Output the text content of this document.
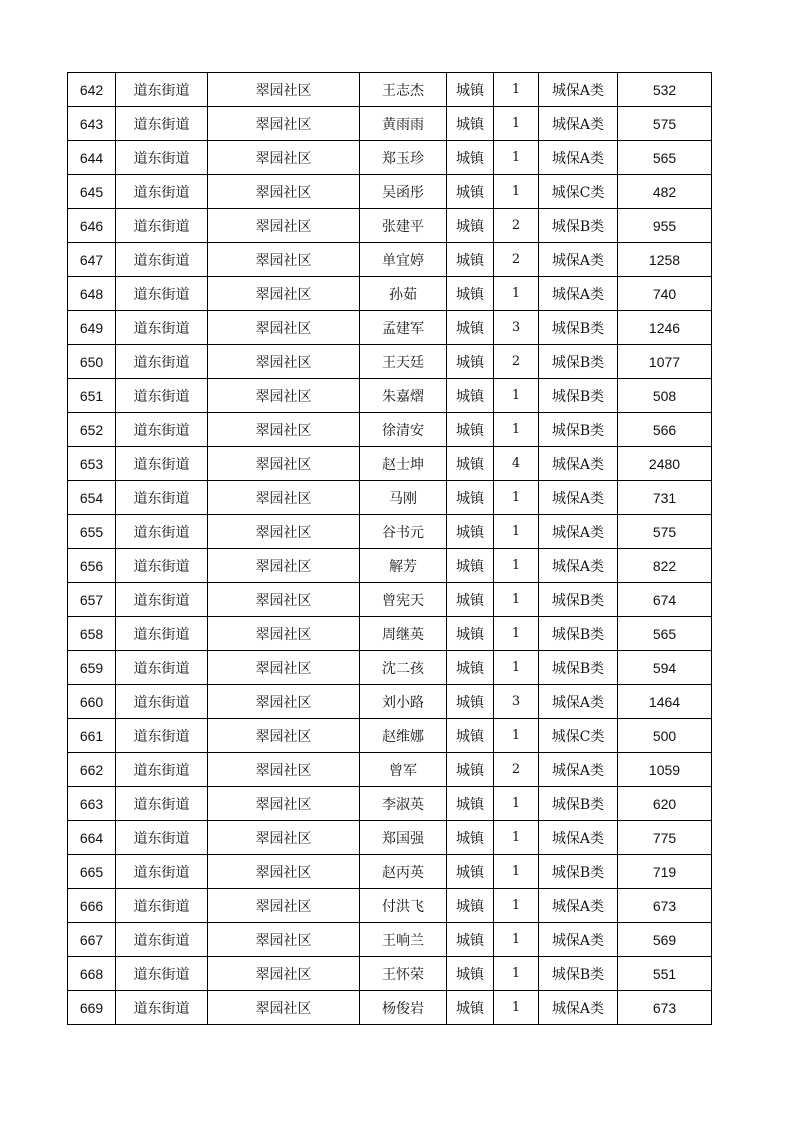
642	道东街道	翠园社区	王志杰	城镇	1	城保A类	532
643	道东街道	翠园社区	黄雨雨	城镇	1	城保A类	575
644	道东街道	翠园社区	郑玉珍	城镇	1	城保A类	565
645	道东街道	翠园社区	吴函彤	城镇	1	城保C类	482
646	道东街道	翠园社区	张建平	城镇	2	城保B类	955
647	道东街道	翠园社区	单宜婷	城镇	2	城保A类	1258
648	道东街道	翠园社区	孙茹	城镇	1	城保A类	740
649	道东街道	翠园社区	孟建军	城镇	3	城保B类	1246
650	道东街道	翠园社区	王天廷	城镇	2	城保B类	1077
651	道东街道	翠园社区	朱嘉熠	城镇	1	城保B类	508
652	道东街道	翠园社区	徐清安	城镇	1	城保B类	566
653	道东街道	翠园社区	赵士坤	城镇	4	城保A类	2480
654	道东街道	翠园社区	马刚	城镇	1	城保A类	731
655	道东街道	翠园社区	谷书元	城镇	1	城保A类	575
656	道东街道	翠园社区	解芳	城镇	1	城保A类	822
657	道东街道	翠园社区	曾宪天	城镇	1	城保B类	674
658	道东街道	翠园社区	周继英	城镇	1	城保B类	565
659	道东街道	翠园社区	沈二孩	城镇	1	城保B类	594
660	道东街道	翠园社区	刘小路	城镇	3	城保A类	1464
661	道东街道	翠园社区	赵维娜	城镇	1	城保C类	500
662	道东街道	翠园社区	曾军	城镇	2	城保A类	1059
663	道东街道	翠园社区	李淑英	城镇	1	城保B类	620
664	道东街道	翠园社区	郑国强	城镇	1	城保A类	775
665	道东街道	翠园社区	赵丙英	城镇	1	城保B类	719
666	道东街道	翠园社区	付洪飞	城镇	1	城保A类	673
667	道东街道	翠园社区	王响兰	城镇	1	城保A类	569
668	道东街道	翠园社区	王怀荣	城镇	1	城保B类	551
669	道东街道	翠园社区	杨俊岩	城镇	1	城保A类	673
